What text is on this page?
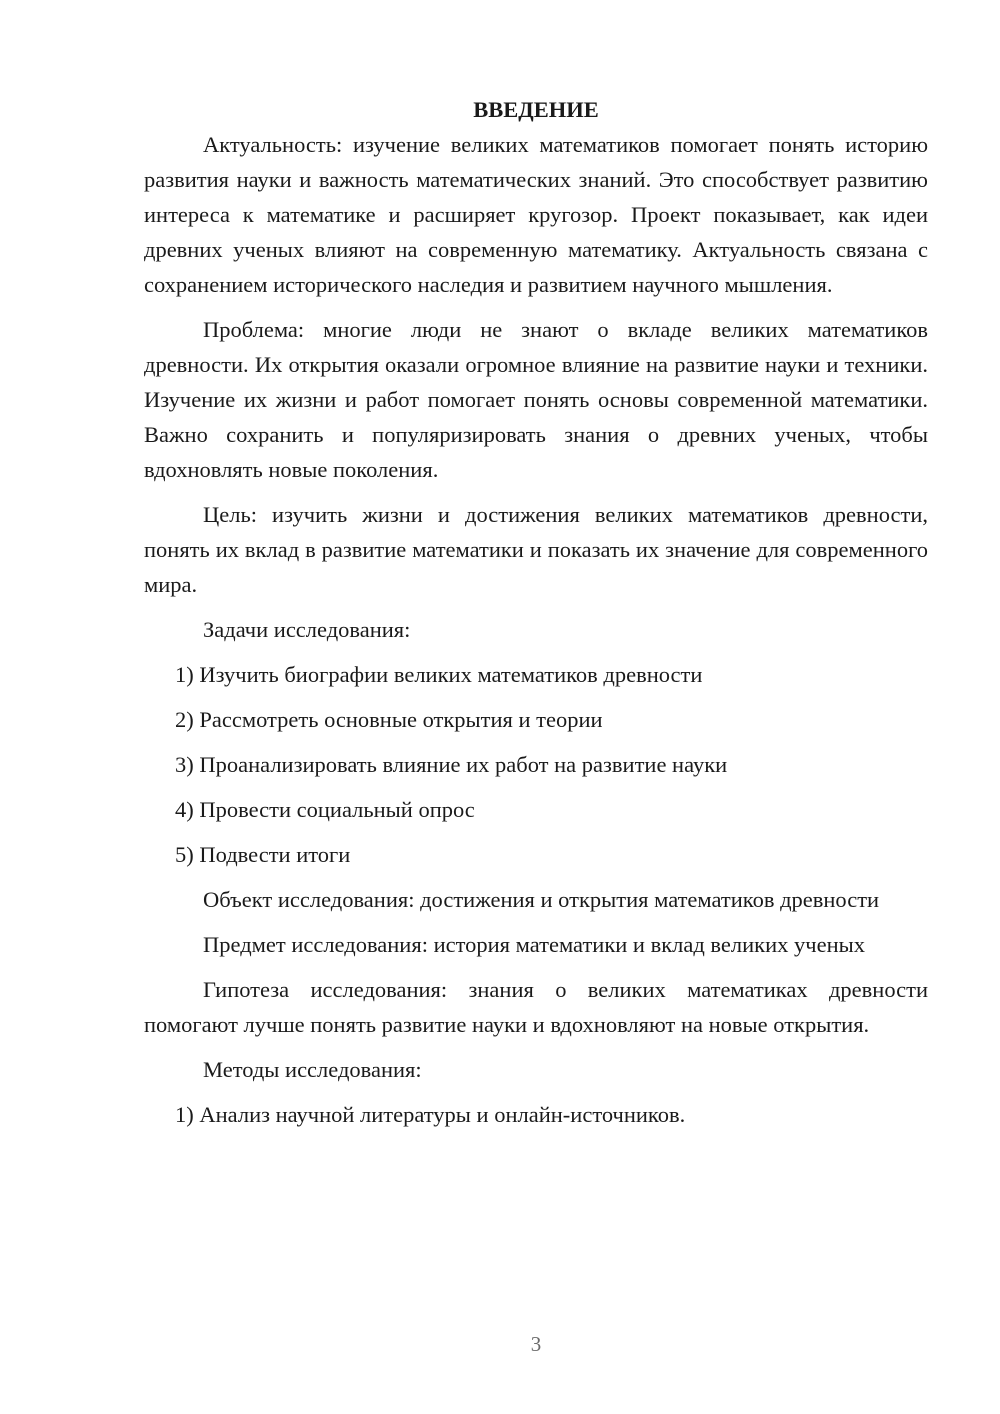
ВВЕДЕНИЕ

Актуальность: изучение великих математиков помогает понять историю развития науки и важность математических знаний. Это способствует развитию интереса к математике и расширяет кругозор. Проект показывает, как идеи древних ученых влияют на современную математику. Актуальность связана с сохранением исторического наследия и развитием научного мышления.

Проблема: многие люди не знают о вкладе великих математиков древности. Их открытия оказали огромное влияние на развитие науки и техники. Изучение их жизни и работ помогает понять основы современной математики. Важно сохранить и популяризировать знания о древних ученых, чтобы вдохновлять новые поколения.

Цель: изучить жизни и достижения великих математиков древности, понять их вклад в развитие математики и показать их значение для современного мира.

Задачи исследования:

1) Изучить биографии великих математиков древности

2) Рассмотреть основные открытия и теории

3) Проанализировать влияние их работ на развитие науки

4) Провести социальный опрос

5) Подвести итоги

Объект исследования: достижения и открытия математиков древности

Предмет исследования: история математики и вклад великих ученых

Гипотеза исследования: знания о великих математиках древности помогают лучше понять развитие науки и вдохновляют на новые открытия.

Методы исследования:

1) Анализ научной литературы и онлайн-источников.

3
